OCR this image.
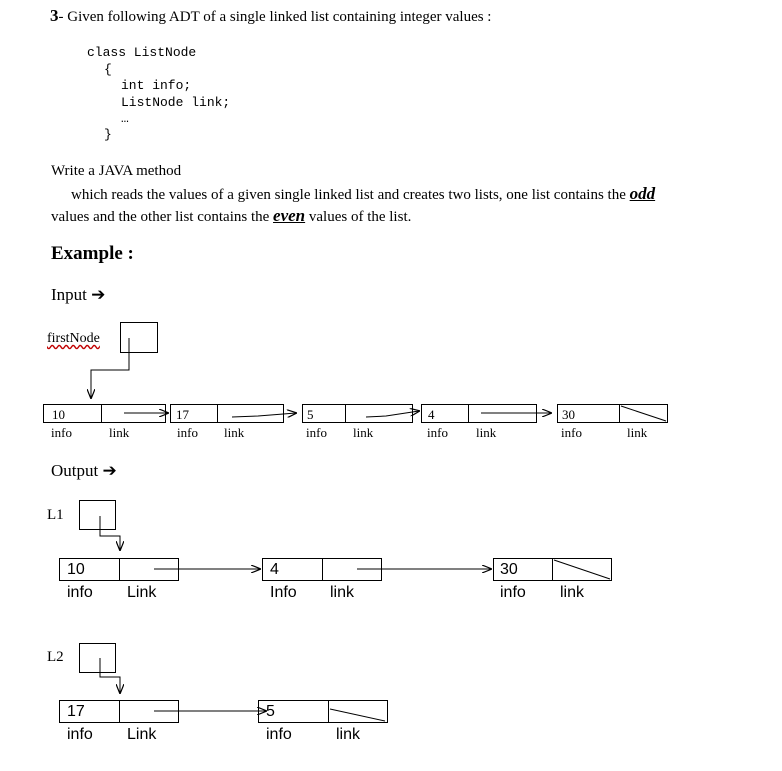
3- Given following ADT of a single linked list containing integer values :
class ListNode
{
int info;
ListNode link;
…
}
Write a JAVA method
which reads the values of a given single linked list and creates two lists, one list contains the odd
values and the other list contains the even values of the list.
Example :
Input ➔
firstNode
10	17	5	4	30
info	link	info link	info link	info link	info	link
Output ➔
L1
10	4	30
info Link	Info link	info link
L2
17	5
info Link	info	link
